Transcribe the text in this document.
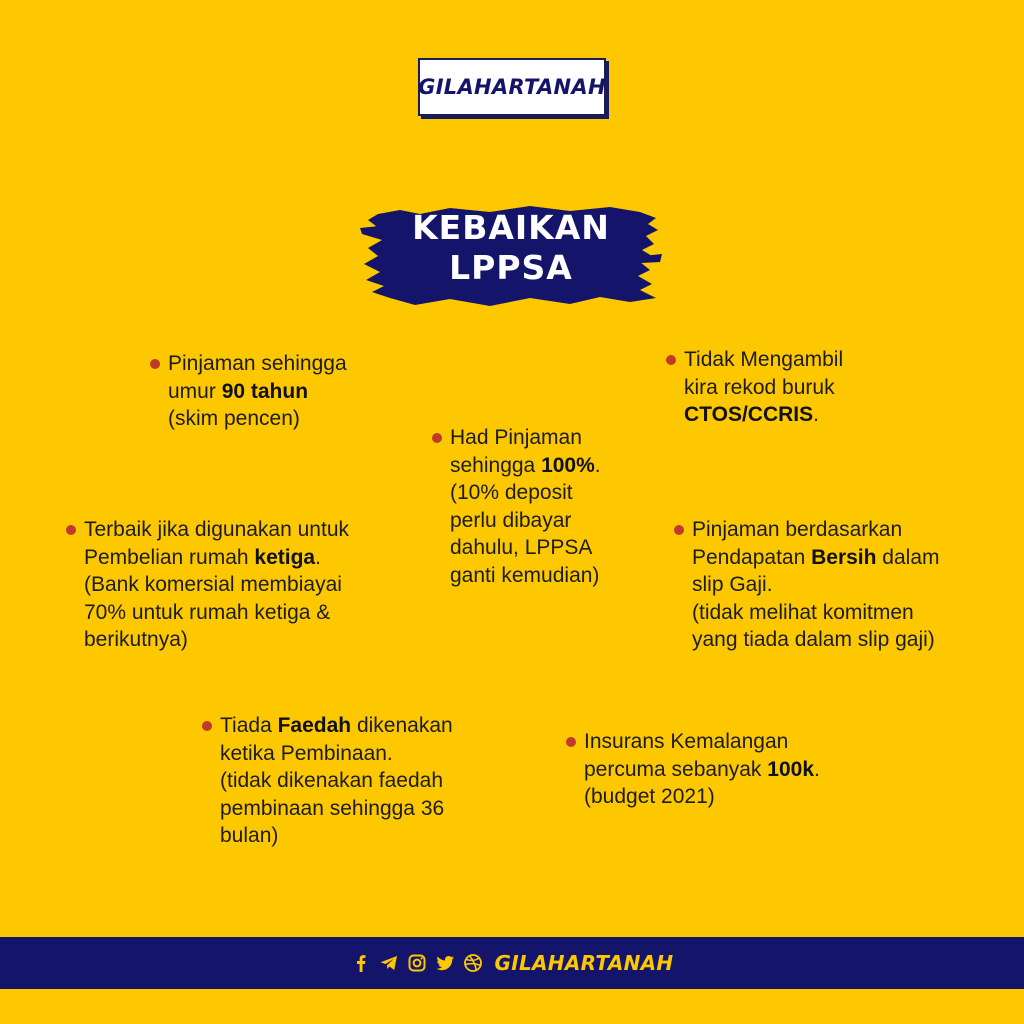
GILAHARTANAH
KEBAIKAN
LPPSA
Pinjaman sehingga
umur 90 tahun
(skim pencen)
Tidak Mengambil
kira rekod buruk
CTOS/CCRIS.
Had Pinjaman
sehingga 100%.
(10% deposit
perlu dibayar
dahulu, LPPSA
ganti kemudian)
Terbaik jika digunakan untuk
Pembelian rumah ketiga.
(Bank komersial membiayai
70% untuk rumah ketiga &
berikutnya)
Pinjaman berdasarkan
Pendapatan Bersih dalam
slip Gaji.
(tidak melihat komitmen
yang tiada dalam slip gaji)
Tiada Faedah dikenakan
ketika Pembinaan.
(tidak dikenakan faedah
pembinaan sehingga 36
bulan)
Insurans Kemalangan
percuma sebanyak 100k.
(budget 2021)
GILAHARTANAH
